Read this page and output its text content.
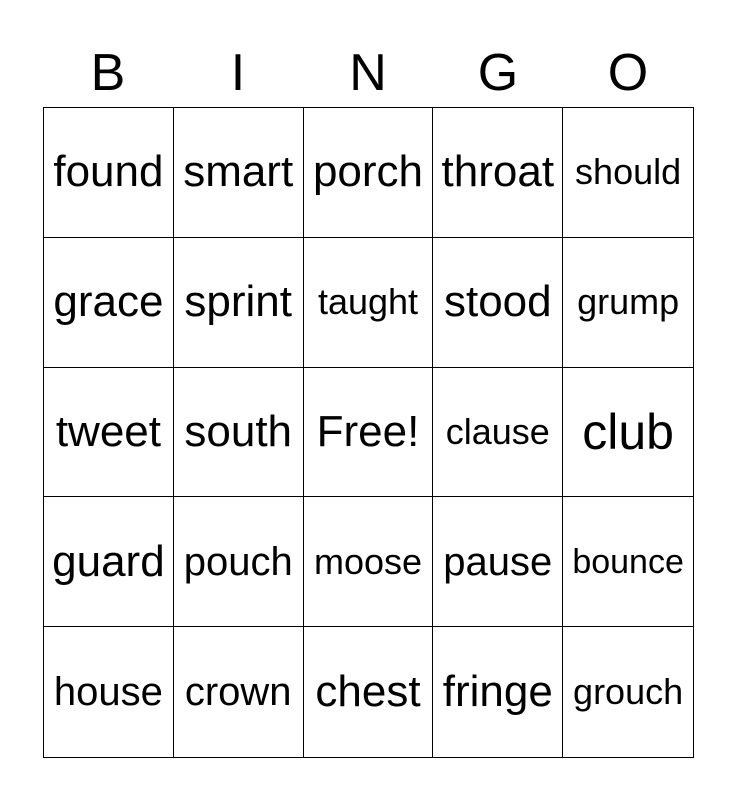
B	I	N	G	O
found smart porch throat should
grace sprint taught stood grump
tweet south Free! clause club
guard pouch moose pause bounce
house crown chest fringe grouch
